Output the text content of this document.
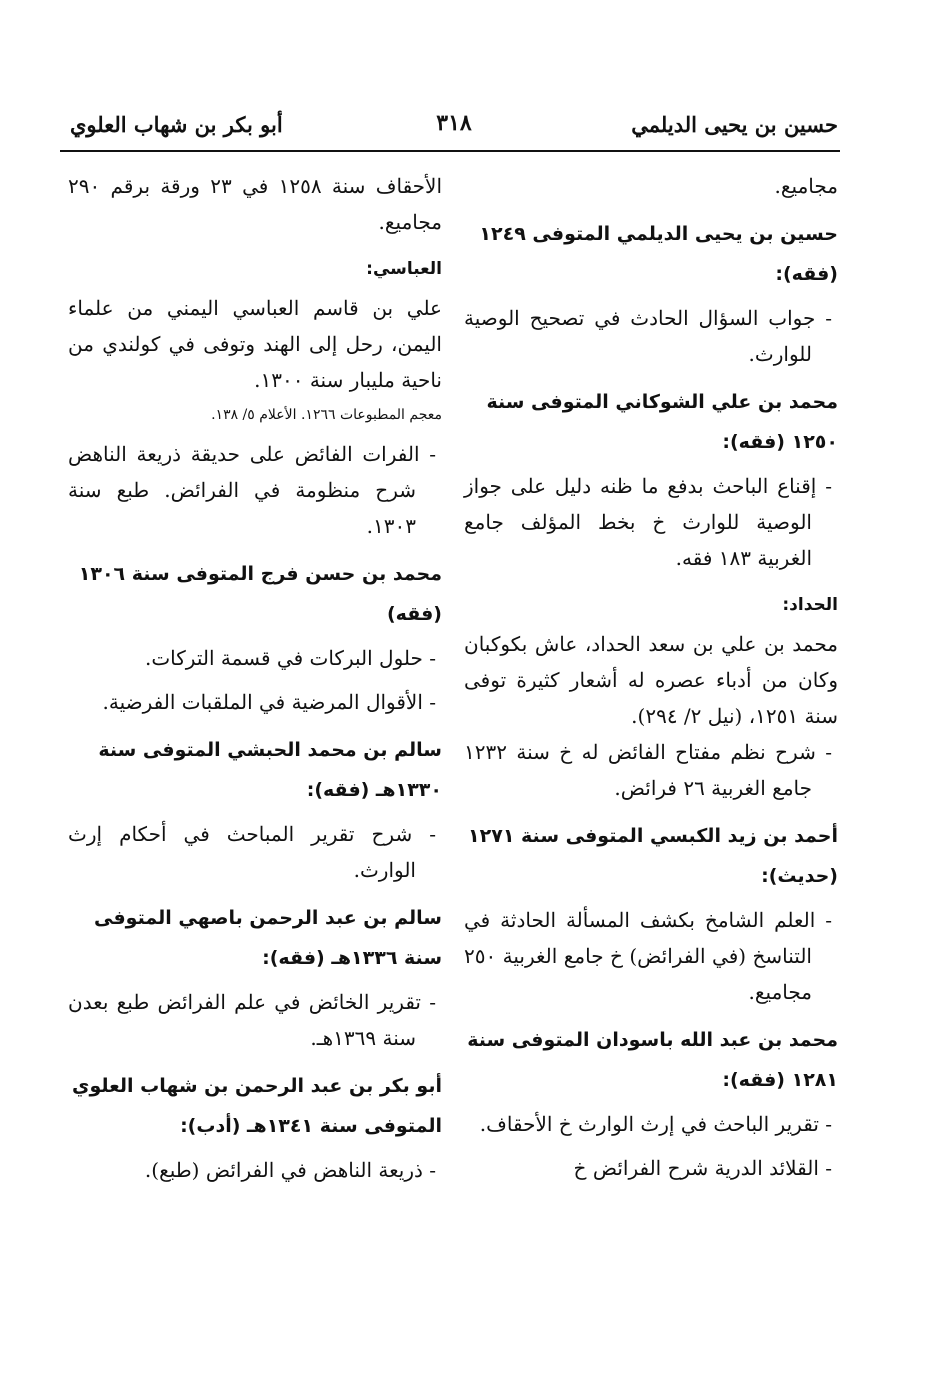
حسين بن يحيى الديلمي
٣١٨
أبو بكر بن شهاب العلوي

مجاميع.

حسين بن يحيى الديلمي المتوفى ١٢٤٩ (فقه):

- جواب السؤال الحادث في تصحيح الوصية للوارث.

محمد بن علي الشوكاني المتوفى سنة ١٢٥٠ (فقه):

- إقناع الباحث بدفع ما ظنه دليل على جواز الوصية للوارث خ بخط المؤلف جامع الغربية ١٨٣ فقه.

الحداد:

محمد بن علي بن سعد الحداد، عاش بكوكبان وكان من أدباء عصره له أشعار كثيرة توفى سنة ١٢٥١، (نيل ٢/ ٢٩٤).

- شرح نظم مفتاح الفائض له خ سنة ١٢٣٢ جامع الغربية ٢٦ فرائض.

أحمد بن زيد الكبسي المتوفى سنة ١٢٧١ (حديث):

- العلم الشامخ بكشف المسألة الحادثة في التناسخ (في الفرائض) خ جامع الغربية ٢٥٠ مجاميع.

محمد بن عبد الله باسودان المتوفى سنة ١٢٨١ (فقه):

- تقرير الباحث في إرث الوارث خ الأحقاف.

- القلائد الدرية شرح الفرائض خ

الأحقاف سنة ١٢٥٨ في ٢٣ ورقة برقم ٢٩٠ مجاميع.

العباسي:

علي بن قاسم العباسي اليمني من علماء اليمن، رحل إلى الهند وتوفى في كولندي من ناحية مليبار سنة ١٣٠٠.

معجم المطبوعات ١٢٦٦. الأعلام ٥/ ١٣٨.

- الفرات الفائض على حديقة ذريعة الناهض شرح منظومة في الفرائض. طبع سنة ١٣٠٣.

محمد بن حسن فرج المتوفى سنة ١٣٠٦ (فقه)

- حلول البركات في قسمة التركات.

- الأقوال المرضية في الملقبات الفرضية.

سالم بن محمد الحبشي المتوفى سنة ١٣٣٠هـ (فقه):

- شرح تقرير المباحث في أحكام إرث الوارث.

سالم بن عبد الرحمن باصهي المتوفى سنة ١٣٣٦هـ (فقه):

- تقرير الخائض في علم الفرائض طبع بعدن سنة ١٣٦٩هـ.

أبو بكر بن عبد الرحمن بن شهاب العلوي المتوفى سنة ١٣٤١هـ (أدب):

- ذريعة الناهض في الفرائض (طبع).
